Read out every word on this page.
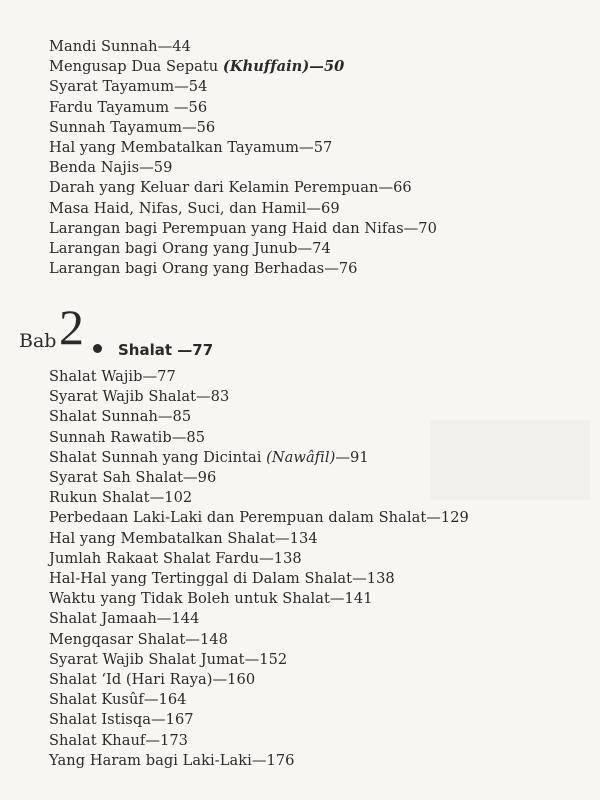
Mandi Sunnah—44
Mengusap Dua Sepatu (Khuffain)—50
Syarat Tayamum—54
Fardu Tayamum —56
Sunnah Tayamum—56
Hal yang Membatalkan Tayamum—57
Benda Najis—59
Darah yang Keluar dari Kelamin Perempuan—66
Masa Haid, Nifas, Suci, dan Hamil—69
Larangan bagi Perempuan yang Haid dan Nifas—70
Larangan bagi Orang yang Junub—74
Larangan bagi Orang yang Berhadas—76
Bab 2 Shalat —77
Shalat Wajib—77
Syarat Wajib Shalat—83
Shalat Sunnah—85
Sunnah Rawatib—85
Shalat Sunnah yang Dicintai (Nawâfil)—91
Syarat Sah Shalat—96
Rukun Shalat—102
Perbedaan Laki-Laki dan Perempuan dalam Shalat—129
Hal yang Membatalkan Shalat—134
Jumlah Rakaat Shalat Fardu—138
Hal-Hal yang Tertinggal di Dalam Shalat—138
Waktu yang Tidak Boleh untuk Shalat—141
Shalat Jamaah—144
Mengqasar Shalat—148
Syarat Wajib Shalat Jumat—152
Shalat ‘Id (Hari Raya)—160
Shalat Kusûf—164
Shalat Istisqa—167
Shalat Khauf—173
Yang Haram bagi Laki-Laki—176
